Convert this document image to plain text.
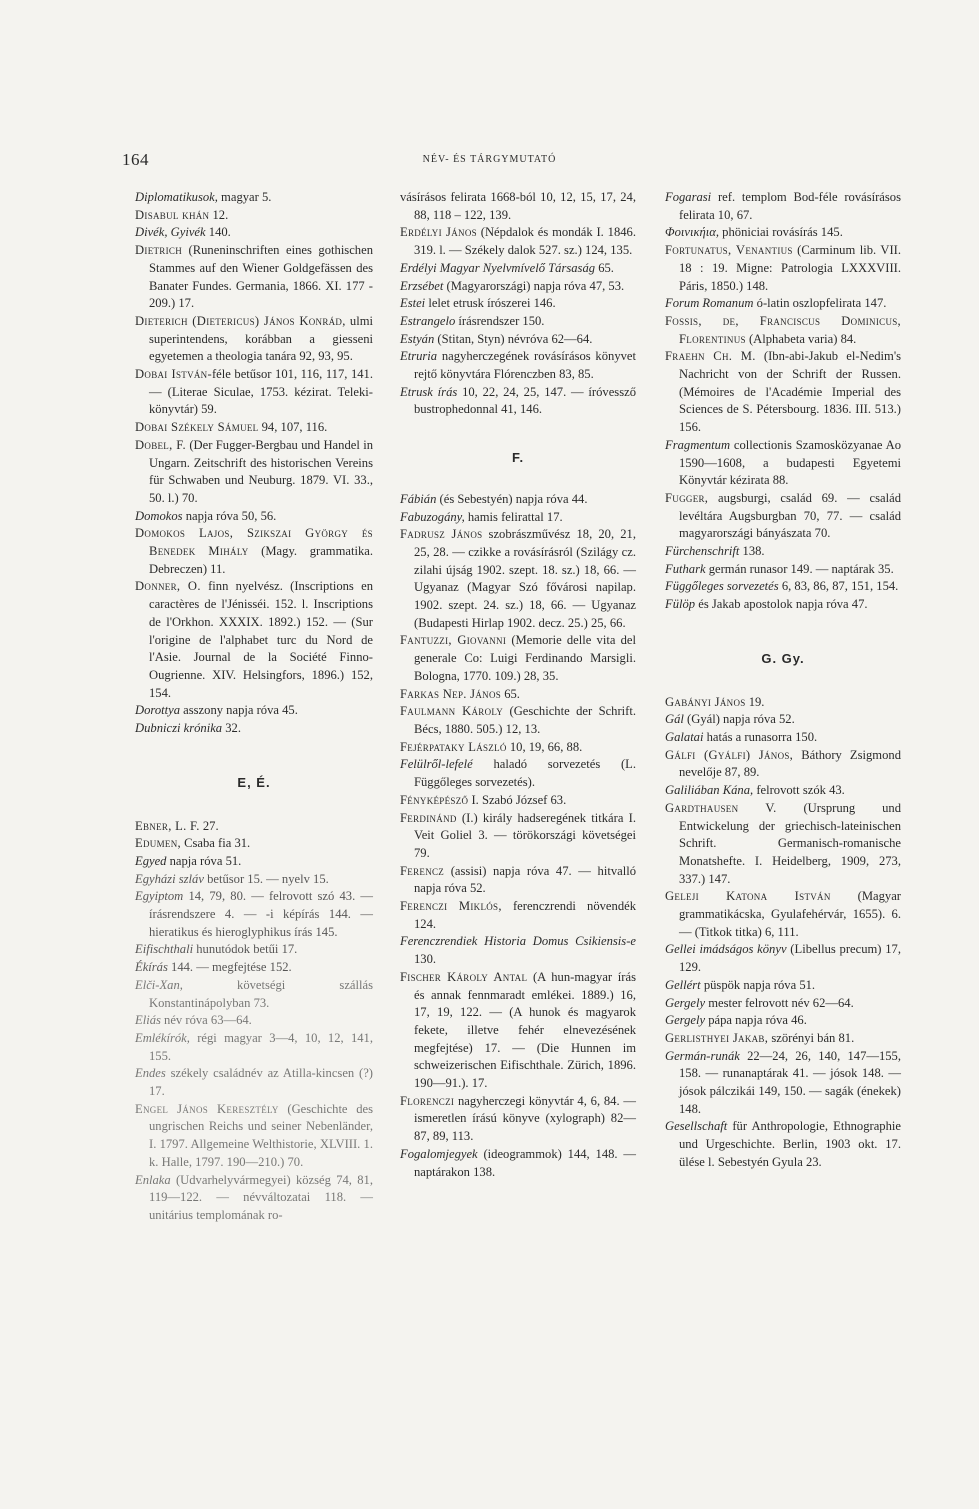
164	NÉV- ÉS TÁRGYMUTATÓ

Diplomatikusok, magyar 5.

Disabul khán 12.

Divék, Gyivék 140.

Dietrich (Runeninschriften eines gothischen Stammes auf den Wiener Goldgefässen des Banater Fundes. Germania, 1866. XI. 177 - 209.) 17.

Dieterich (Dietericus) János Konrád, ulmi superintendens, korábban a giesseni egyetemen a theologia tanára 92, 93, 95.

Dobai István-féle betűsor 101, 116, 117, 141. — (Literae Siculae, 1753. kézirat. Teleki-könyvtár) 59.

Dobai Székely Sámuel 94, 107, 116.

Dobel, F. (Der Fugger-Bergbau und Handel in Ungarn. Zeitschrift des historischen Vereins für Schwaben und Neuburg. 1879. VI. 33., 50. l.) 70.

Domokos napja róva 50, 56.

Domokos Lajos, Szikszai György és Benedek Mihály (Magy. grammatika. Debreczen) 11.

Donner, O. finn nyelvész. (Inscriptions en caractères de l'Jénisséi. 152. l. Inscriptions de l'Orkhon. XXXIX. 1892.) 152. — (Sur l'origine de l'alphabet turc du Nord de l'Asie. Journal de la Société Finno-Ougrienne. XIV. Helsingfors, 1896.) 152, 154.

Dorottya asszony napja róva 45.

Dubniczi krónika 32.

E, É.

Ebner, L. F. 27.

Edumen, Csaba fia 31.

Egyed napja róva 51.

Egyházi szláv betűsor 15. — nyelv 15.

Egyiptom 14, 79, 80. — felrovott szó 43. — írásrendszere 4. — -i képírás 144. — hieratikus és hieroglyphikus írás 145.

Eifischthali hunutódok betűi 17.

Ékírás 144. — megfejtése 152.

Elči-Xan, követségi szállás Konstantinápolyban 73.

Eliás név róva 63—64.

Emlékírók, régi magyar 3—4, 10, 12, 141, 155.

Endes székely családnév az Atilla-kincsen (?) 17.

Engel János Keresztély (Geschichte des ungrischen Reichs und seiner Nebenländer, I. 1797. Allgemeine Welthistorie, XLVIII. 1. k. Halle, 1797. 190—210.) 70.

Enlaka (Udvarhelyvármegyei) község 74, 81, 119—122. — névváltozatai 118. — unitárius templomának ro-

vásírásos felirata 1668-ból 10, 12, 15, 17, 24, 88, 118 – 122, 139.

Erdélyi János (Népdalok és mondák I. 1846. 319. l. — Székely dalok 527. sz.) 124, 135.

Erdélyi Magyar Nyelvmívelő Társaság 65.

Erzsébet (Magyarországi) napja róva 47, 53.

Estei lelet etrusk írószerei 146.

Estrangelo írásrendszer 150.

Estyán (Stitan, Styn) névróva 62—64.

Etruria nagyherczegének rovásírásos könyvet rejtő könyvtára Flórenczben 83, 85.

Etrusk írás 10, 22, 24, 25, 147. — íróvessző bustrophedonnal 41, 146.

F.

Fábián (és Sebestyén) napja róva 44.

Fabuzogány, hamis felirattal 17.

Fadrusz János szobrászművész 18, 20, 21, 25, 28. — czikke a rovásírásról (Szilágy cz. zilahi újság 1902. szept. 18. sz.) 18, 66. — Ugyanaz (Magyar Szó fővárosi napilap. 1902. szept. 24. sz.) 18, 66. — Ugyanaz (Budapesti Hirlap 1902. decz. 25.) 25, 66.

Fantuzzi, Giovanni (Memorie delle vita del generale Co: Luigi Ferdinando Marsigli. Bologna, 1770. 109.) 28, 35.

Farkas Nep. János 65.

Faulmann Károly (Geschichte der Schrift. Bécs, 1880. 505.) 12, 13.

Fejérpataky László 10, 19, 66, 88.

Felülről-lefelé haladó sorvezetés (L. Függőleges sorvezetés).

Fényképésző I. Szabó József 63.

Ferdinánd (I.) király hadseregének titkára I. Veit Goliel 3. — törökországi követségei 79.

Ferencz (assisi) napja róva 47. — hitvalló napja róva 52.

Ferenczi Miklós, ferenczrendi növendék 124.

Ferenczrendiek Historia Domus Csikiensis-e 130.

Fischer Károly Antal (A hun-magyar írás és annak fennmaradt emlékei. 1889.) 16, 17, 19, 122. — (A hunok és magyarok fekete, illetve fehér elnevezésének megfejtése) 17. — (Die Hunnen im schweizerischen Eifischthale. Zürich, 1896. 190—91.). 17.

Florenczi nagyherczegi könyvtár 4, 6, 84. — ismeretlen írású könyve (xylograph) 82—87, 89, 113.

Fogalomjegyek (ideogrammok) 144, 148. — naptárakon 138.

Fogarasi ref. templom Bod-féle rovásírásos felirata 10, 67.

Φοινικήια, phöniciai rovásírás 145.

Fortunatus, Venantius (Carminum lib. VII. 18 : 19. Migne: Patrologia LXXXVIII. Páris, 1850.) 148.

Forum Romanum ó-latin oszlopfelirata 147.

Fossis, de, Franciscus Dominicus, Florentinus (Alphabeta varia) 84.

Fraehn Ch. M. (Ibn-abi-Jakub el-Nedim's Nachricht von der Schrift der Russen. (Mémoires de l'Académie Imperial des Sciences de S. Pétersbourg. 1836. III. 513.) 156.

Fragmentum collectionis Szamosközyanae Ao 1590—1608, a budapesti Egyetemi Könyvtár kézirata 88.

Fugger, augsburgi, család 69. — család levéltára Augsburgban 70, 77. — család magyarországi bányászata 70.

Fürchenschrift 138.

Futhark germán runasor 149. — naptárak 35.

Függőleges sorvezetés 6, 83, 86, 87, 151, 154.

Fülöp és Jakab apostolok napja róva 47.

G. Gy.

Gabányi János 19.

Gál (Gyál) napja róva 52.

Galatai hatás a runasorra 150.

Gálfi (Gyálfi) János, Báthory Zsigmond nevelője 87, 89.

Galiliában Kána, felrovott szók 43.

Gardthausen V. (Ursprung und Entwickelung der griechisch-lateinischen Schrift. Germanisch-romanische Monatshefte. I. Heidelberg, 1909, 273, 337.) 147.

Geleji Katona István (Magyar grammatikácska, Gyulafehérvár, 1655). 6. — (Titkok titka) 6, 111.

Gellei imádságos könyv (Libellus precum) 17, 129.

Gellért püspök napja róva 51.

Gergely mester felrovott név 62—64.

Gergely pápa napja róva 46.

Gerlisthyei Jakab, szörényi bán 81.

Germán-runák 22—24, 26, 140, 147—155, 158. — runanaptárak 41. — jósok 148. — jósok pálczikái 149, 150. — sagák (énekek) 148.

Gesellschaft für Anthropologie, Ethnographie und Urgeschichte. Berlin, 1903 okt. 17. ülése l. Sebestyén Gyula 23.
